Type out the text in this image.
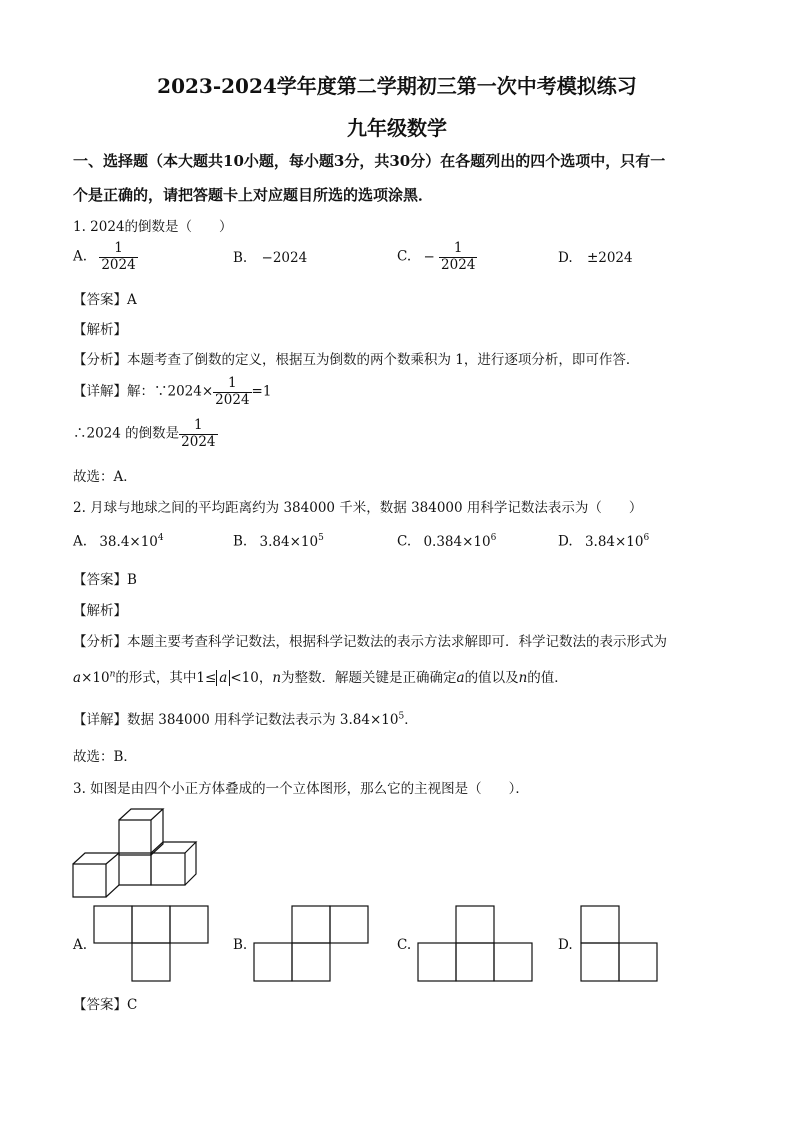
2023-2024学年度第二学期初三第一次中考模拟练习
九年级数学
一、选择题（本大题共10小题，每小题3分，共30分）在各题列出的四个选项中，只有一
个是正确的，请把答题卡上对应题目所选的选项涂黑．
1. 2024的倒数是（　　）
A. $\frac{1}{2024}$	B. −2024	C. − $\frac{1}{2024}$	D. ±2024
【答案】A
【解析】
【分析】本题考查了倒数的定义，根据互为倒数的两个数乘积为 1，进行逐项分析，即可作答．
【详解】解：∵2024× $\frac{1}{2024} =1$
∴2024 的倒数是 $\frac{1}{2024}$
故选：A．
2. 月球与地球之间的平均距离约为 384000 千米，数据 384000 用科学记数法表示为（　　）
A. $38.4\times 10^4$	B. $3.84\times 10^5$	C. $0.384\times 10^6$	D. $3.84\times 10^6$
【答案】B
【解析】
【分析】本题主要考查科学记数法，根据科学记数法的表示方法求解即可．科学记数法的表示形式为
$a\times 10^n$的形式，其中1≤ a <10，n为整数．解题关键是正确确定a的值以及n的值．
【详解】数据 384000 用科学记数法表示为 $3.84\times 10^5$．
故选：B．
3. 如图是由四个小正方体叠成的一个立体图形，那么它的主视图是（　　）．
A.	B.	C.	D.
【答案】C
